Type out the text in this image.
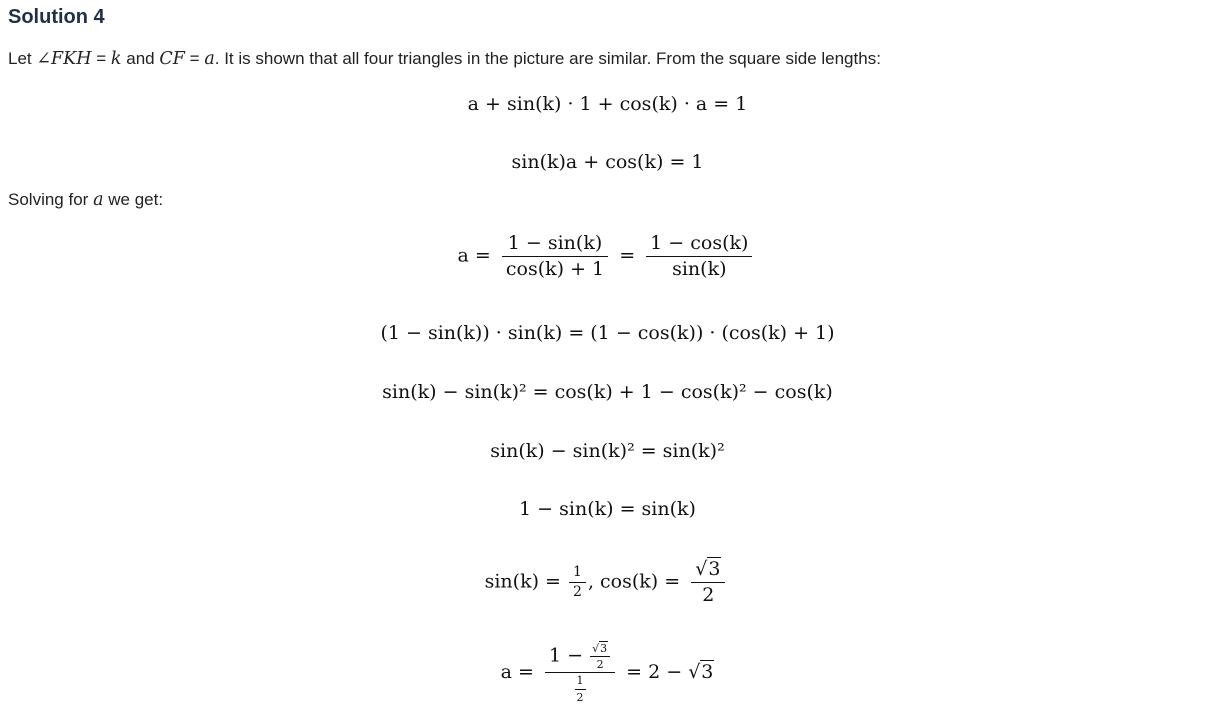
Solution 4

Let ∠FKH = k and CF = a. It is shown that all four triangles in the picture are similar. From the square side lengths:

a + sin(k) · 1 + cos(k) · a = 1
sin(k)a + cos(k) = 1

Solving for a we get:

$a = \frac{1 - \sin(k)}{\cos(k) + 1} = \frac{1 - \cos(k)}{\sin(k)}$
(1 − sin(k)) · sin(k) = (1 − cos(k)) · (cos(k) + 1)
sin(k) − sin(k)² = cos(k) + 1 − cos(k)² − cos(k)
sin(k) − sin(k)² = sin(k)²
1 − sin(k) = sin(k)
$\sin(k) = \frac{1}{2}$ , $\cos(k) = \frac{√3}{2}$
$a = \frac{1 - \frac{√3}{2}}{\frac{1}{2}} = 2 - √3$
